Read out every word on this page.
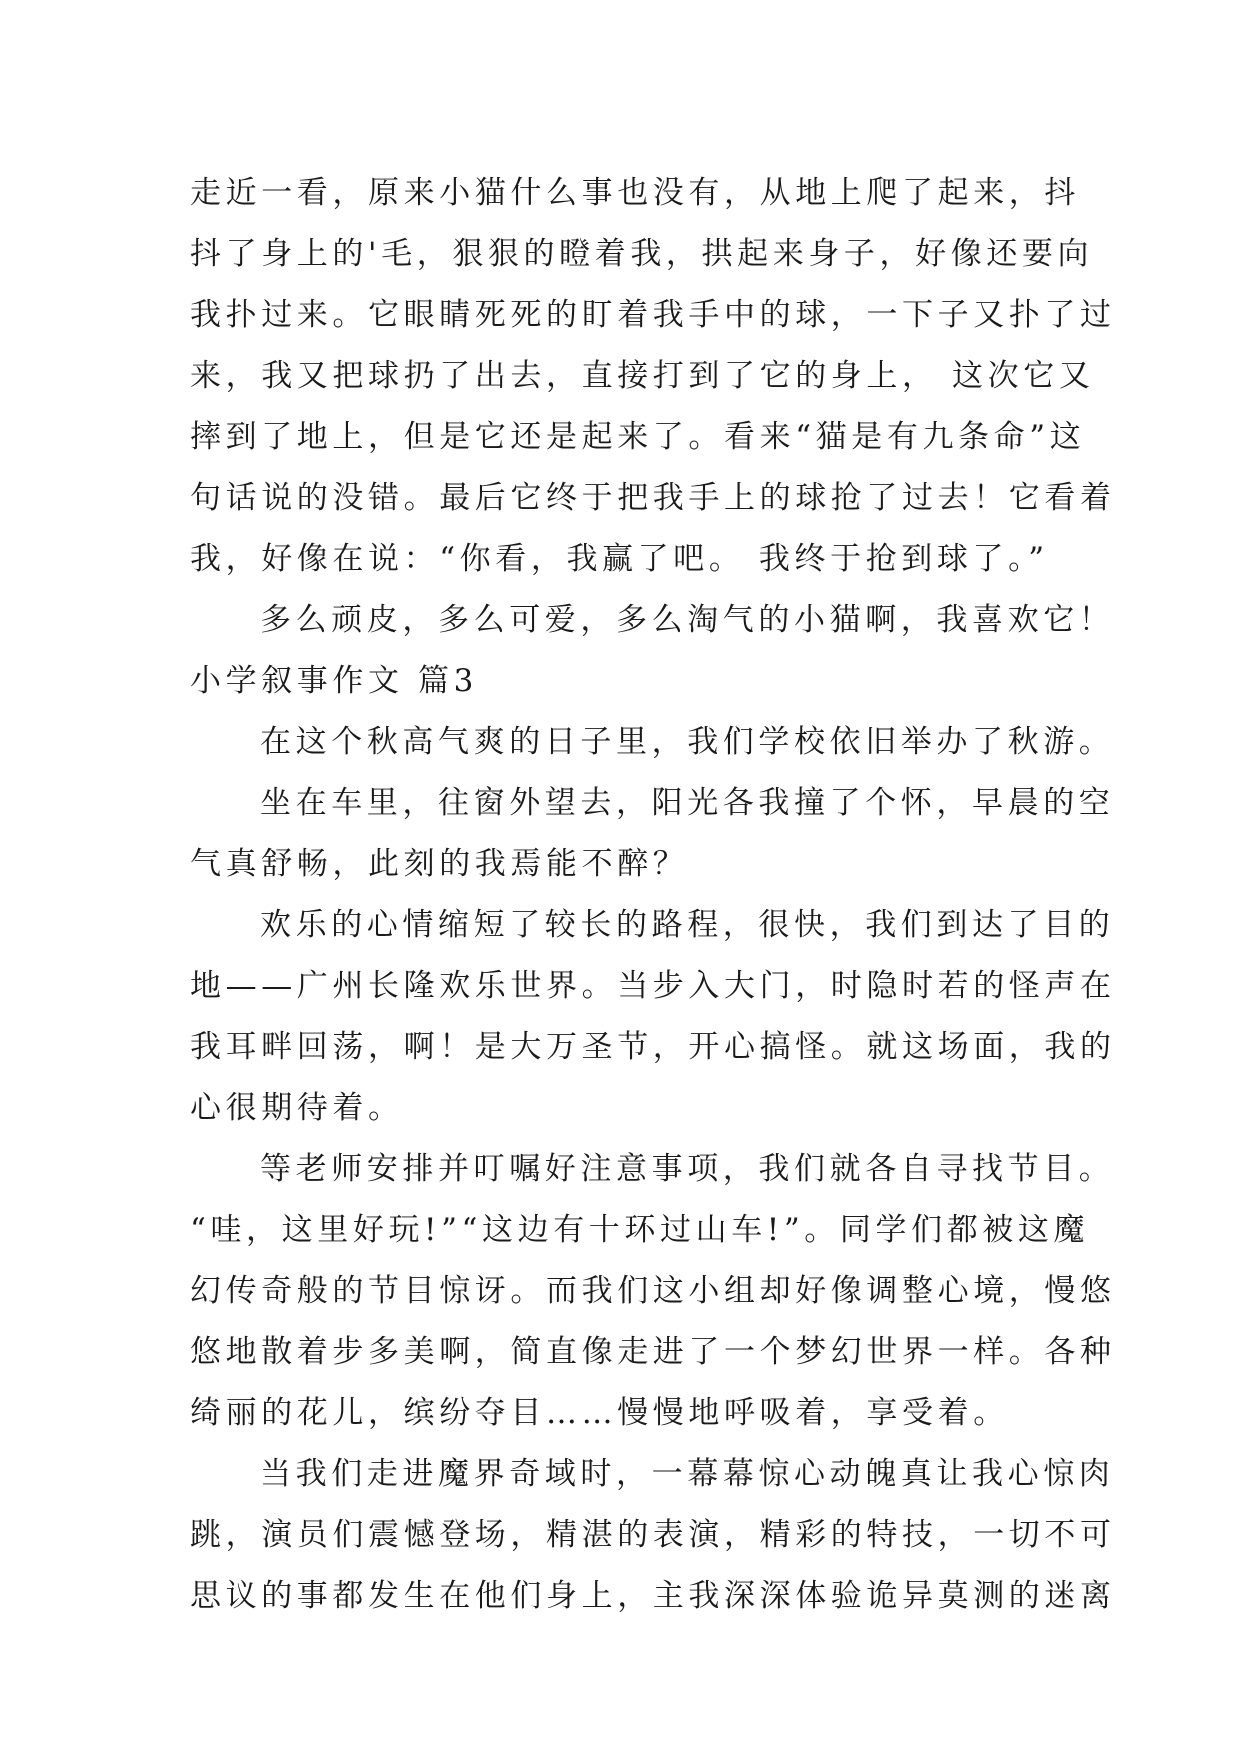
走近一看，原来小猫什么事也没有，从地上爬了起来，抖
抖了身上的'毛，狠狠的瞪着我，拱起来身子，好像还要向
我扑过来。它眼睛死死的盯着我手中的球，一下子又扑了过
来，我又把球扔了出去，直接打到了它的身上， 这次它又
摔到了地上，但是它还是起来了。看来“猫是有九条命”这
句话说的没错。最后它终于把我手上的球抢了过去！它看着
我，好像在说：“你看，我赢了吧。 我终于抢到球了。”
多么顽皮，多么可爱，多么淘气的小猫啊，我喜欢它！
小学叙事作文 篇3
在这个秋高气爽的日子里，我们学校依旧举办了秋游。
坐在车里，往窗外望去，阳光各我撞了个怀，早晨的空
气真舒畅，此刻的我焉能不醉？
欢乐的心情缩短了较长的路程，很快，我们到达了目的
地——广州长隆欢乐世界。当步入大门，时隐时若的怪声在
我耳畔回荡，啊！是大万圣节，开心搞怪。就这场面，我的
心很期待着。
等老师安排并叮嘱好注意事项，我们就各自寻找节目。
“哇，这里好玩!”“这边有十环过山车!”。同学们都被这魔
幻传奇般的节目惊讶。而我们这小组却好像调整心境，慢悠
悠地散着步多美啊，简直像走进了一个梦幻世界一样。各种
绮丽的花儿，缤纷夺目……慢慢地呼吸着，享受着。
当我们走进魔界奇域时，一幕幕惊心动魄真让我心惊肉
跳，演员们震憾登场，精湛的表演，精彩的特技，一切不可
思议的事都发生在他们身上，主我深深体验诡异莫测的迷离
